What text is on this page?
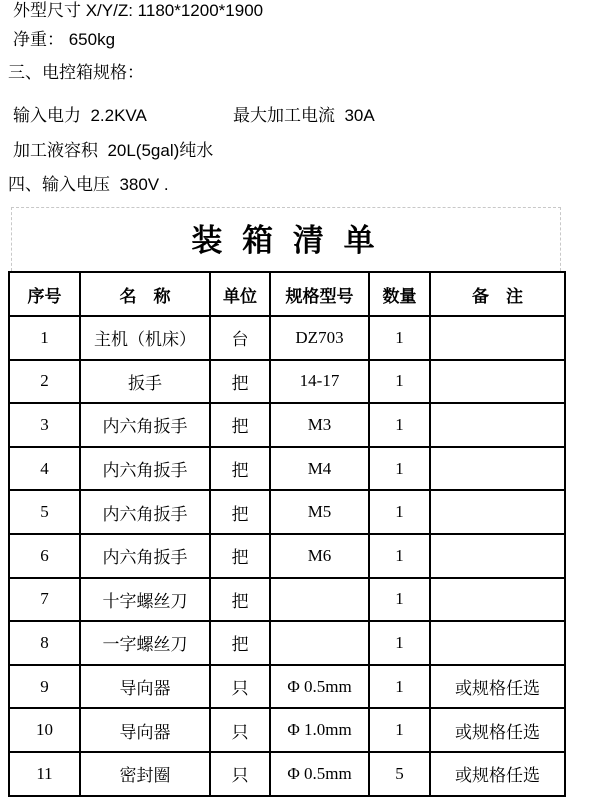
外型尺寸 X/Y/Z: 1180*1200*1900
净重： 650kg
三、电控箱规格：
输入电力  2.2KVA	最大加工电流  30A
加工液容积  20L(5gal)纯水
四、输入电压  380V .
装 箱 清 单
序号	名　称	单位	规格型号	数量	备　注
1	主机（机床）	台	DZ703	1	
2	扳手	把	14-17	1	
3	内六角扳手	把	M3	1	
4	内六角扳手	把	M4	1	
5	内六角扳手	把	M5	1	
6	内六角扳手	把	M6	1	
7	十字螺丝刀	把		1	
8	一字螺丝刀	把		1	
9	导向器	只	Φ 0.5mm	1	或规格任选
10	导向器	只	Φ 1.0mm	1	或规格任选
11	密封圈	只	Φ 0.5mm	5	或规格任选
